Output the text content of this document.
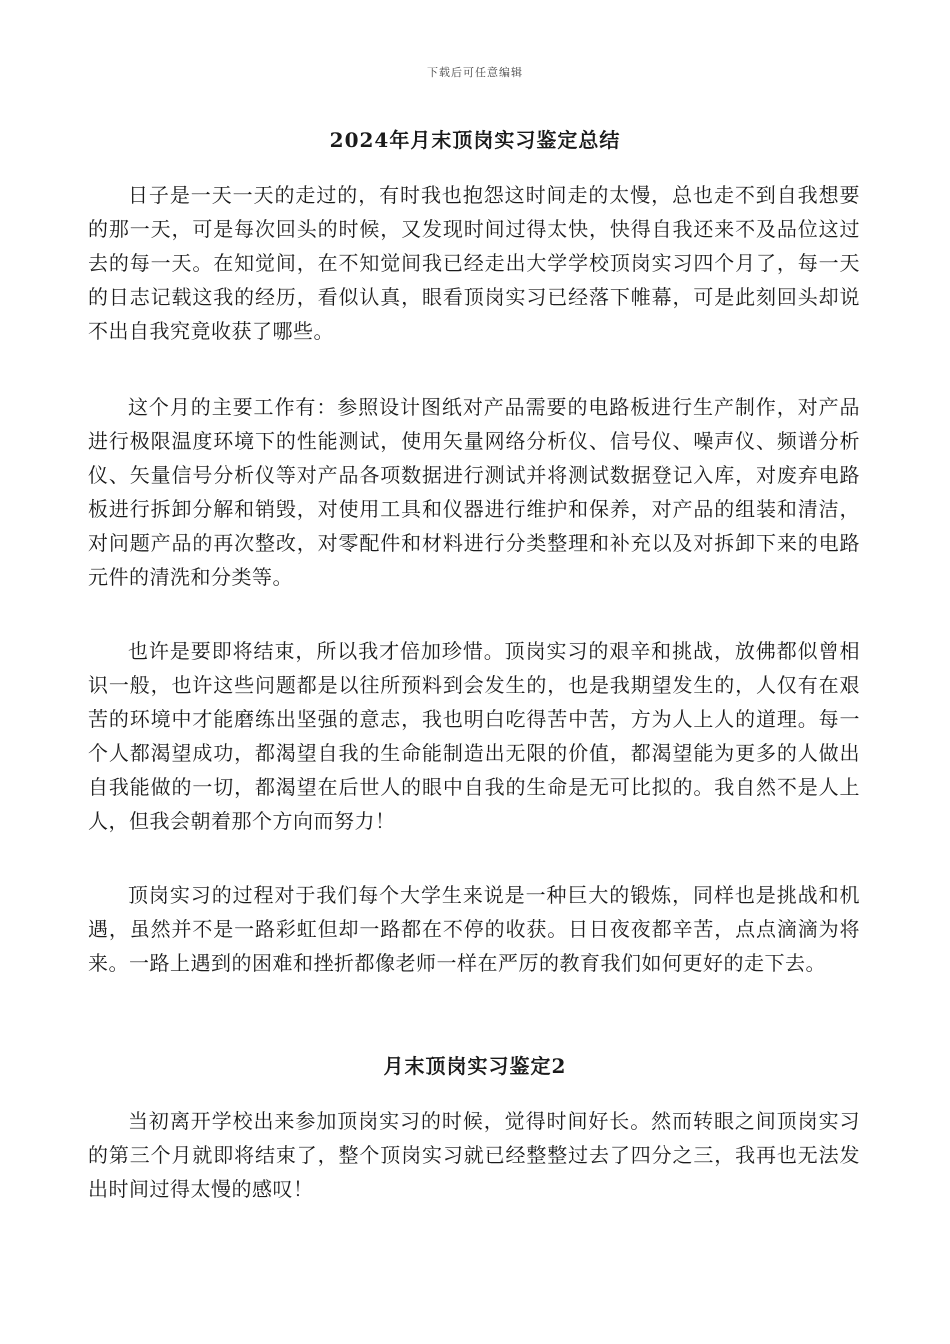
下载后可任意编辑
2024年月末顶岗实习鉴定总结

日子是一天一天的走过的，有时我也抱怨这时间走的太慢，总也走不到自我想要的那一天，可是每次回头的时候，又发现时间过得太快，快得自我还来不及品位这过去的每一天。在知觉间，在不知觉间我已经走出大学学校顶岗实习四个月了，每一天的日志记载这我的经历，看似认真，眼看顶岗实习已经落下帷幕，可是此刻回头却说不出自我究竟收获了哪些。

这个月的主要工作有：参照设计图纸对产品需要的电路板进行生产制作，对产品进行极限温度环境下的性能测试，使用矢量网络分析仪、信号仪、噪声仪、频谱分析仪、矢量信号分析仪等对产品各项数据进行测试并将测试数据登记入库，对废弃电路板进行拆卸分解和销毁，对使用工具和仪器进行维护和保养，对产品的组装和清洁，对问题产品的再次整改，对零配件和材料进行分类整理和补充以及对拆卸下来的电路元件的清洗和分类等。

也许是要即将结束，所以我才倍加珍惜。顶岗实习的艰辛和挑战，放佛都似曾相识一般，也许这些问题都是以往所预料到会发生的，也是我期望发生的，人仅有在艰苦的环境中才能磨练出坚强的意志，我也明白吃得苦中苦，方为人上人的道理。每一个人都渴望成功，都渴望自我的生命能制造出无限的价值，都渴望能为更多的人做出自我能做的一切，都渴望在后世人的眼中自我的生命是无可比拟的。我自然不是人上人，但我会朝着那个方向而努力！

顶岗实习的过程对于我们每个大学生来说是一种巨大的锻炼，同样也是挑战和机遇，虽然并不是一路彩虹但却一路都在不停的收获。日日夜夜都辛苦，点点滴滴为将来。一路上遇到的困难和挫折都像老师一样在严厉的教育我们如何更好的走下去。

月末顶岗实习鉴定2

当初离开学校出来参加顶岗实习的时候，觉得时间好长。然而转眼之间顶岗实习的第三个月就即将结束了，整个顶岗实习就已经整整过去了四分之三，我再也无法发出时间过得太慢的感叹！
